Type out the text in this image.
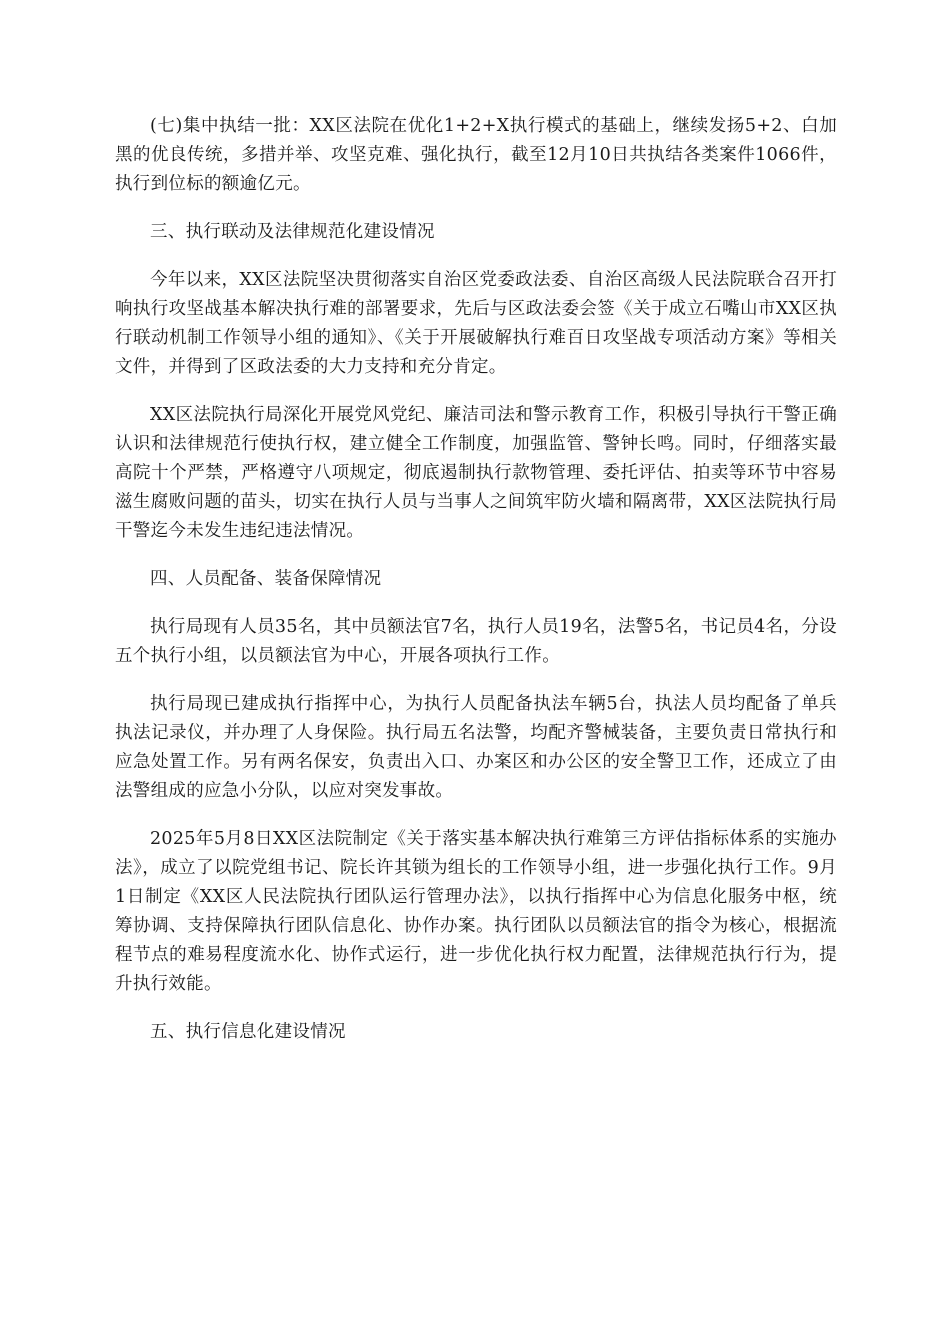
(七)集中执结一批：XX区法院在优化1+2+X执行模式的基础上，继续发扬5+2、白加黑的优良传统，多措并举、攻坚克难、强化执行，截至12月10日共执结各类案件1066件，执行到位标的额逾亿元。

三、执行联动及法律规范化建设情况

今年以来，XX区法院坚决贯彻落实自治区党委政法委、自治区高级人民法院联合召开打响执行攻坚战基本解决执行难的部署要求，先后与区政法委会签《关于成立石嘴山市XX区执行联动机制工作领导小组的通知》、《关于开展破解执行难百日攻坚战专项活动方案》等相关文件，并得到了区政法委的大力支持和充分肯定。

XX区法院执行局深化开展党风党纪、廉洁司法和警示教育工作，积极引导执行干警正确认识和法律规范行使执行权，建立健全工作制度，加强监管、警钟长鸣。同时，仔细落实最高院十个严禁，严格遵守八项规定，彻底遏制执行款物管理、委托评估、拍卖等环节中容易滋生腐败问题的苗头，切实在执行人员与当事人之间筑牢防火墙和隔离带，XX区法院执行局干警迄今未发生违纪违法情况。

四、人员配备、装备保障情况

执行局现有人员35名，其中员额法官7名，执行人员19名，法警5名，书记员4名，分设五个执行小组，以员额法官为中心，开展各项执行工作。

执行局现已建成执行指挥中心，为执行人员配备执法车辆5台，执法人员均配备了单兵执法记录仪，并办理了人身保险。执行局五名法警，均配齐警械装备，主要负责日常执行和应急处置工作。另有两名保安，负责出入口、办案区和办公区的安全警卫工作，还成立了由法警组成的应急小分队，以应对突发事故。

2025年5月8日XX区法院制定《关于落实基本解决执行难第三方评估指标体系的实施办法》，成立了以院党组书记、院长许其锁为组长的工作领导小组，进一步强化执行工作。9月1日制定《XX区人民法院执行团队运行管理办法》，以执行指挥中心为信息化服务中枢，统筹协调、支持保障执行团队信息化、协作办案。执行团队以员额法官的指令为核心，根据流程节点的难易程度流水化、协作式运行，进一步优化执行权力配置，法律规范执行行为，提升执行效能。

五、执行信息化建设情况
